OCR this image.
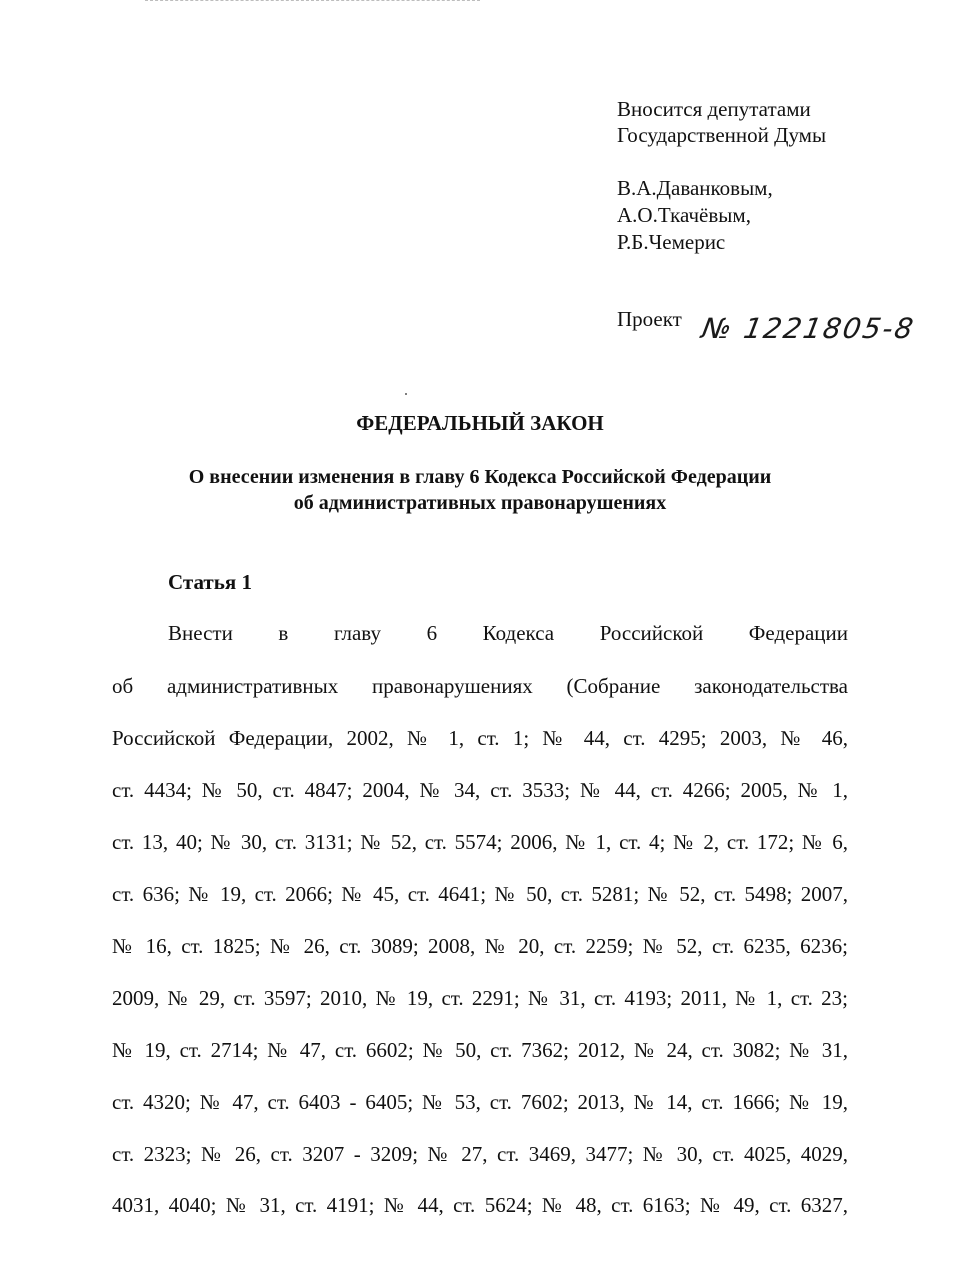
Вносится депутатами
Государственной Думы
В.А.Даванковым,
А.О.Ткачёвым,
Р.Б.Чемерис
Проект № 1221805-8
ФЕДЕРАЛЬНЫЙ ЗАКОН
О внесении изменения в главу 6 Кодекса Российской Федерации
об административных правонарушениях
Статья 1
Внести в главу 6 Кодекса Российской Федерации
об административных правонарушениях (Собрание законодательства
Российской Федерации, 2002, № 1, ст. 1; № 44, ст. 4295; 2003, № 46,
ст. 4434; № 50, ст. 4847; 2004, № 34, ст. 3533; № 44, ст. 4266; 2005, № 1,
ст. 13, 40; № 30, ст. 3131; № 52, ст. 5574; 2006, № 1, ст. 4; № 2, ст. 172; № 6,
ст. 636; № 19, ст. 2066; № 45, ст. 4641; № 50, ст. 5281; № 52, ст. 5498; 2007,
№ 16, ст. 1825; № 26, ст. 3089; 2008, № 20, ст. 2259; № 52, ст. 6235, 6236;
2009, № 29, ст. 3597; 2010, № 19, ст. 2291; № 31, ст. 4193; 2011, № 1, ст. 23;
№ 19, ст. 2714; № 47, ст. 6602; № 50, ст. 7362; 2012, № 24, ст. 3082; № 31,
ст. 4320; № 47, ст. 6403 - 6405; № 53, ст. 7602; 2013, № 14, ст. 1666; № 19,
ст. 2323; № 26, ст. 3207 - 3209; № 27, ст. 3469, 3477; № 30, ст. 4025, 4029,
4031, 4040; № 31, ст. 4191; № 44, ст. 5624; № 48, ст. 6163; № 49, ст. 6327,
